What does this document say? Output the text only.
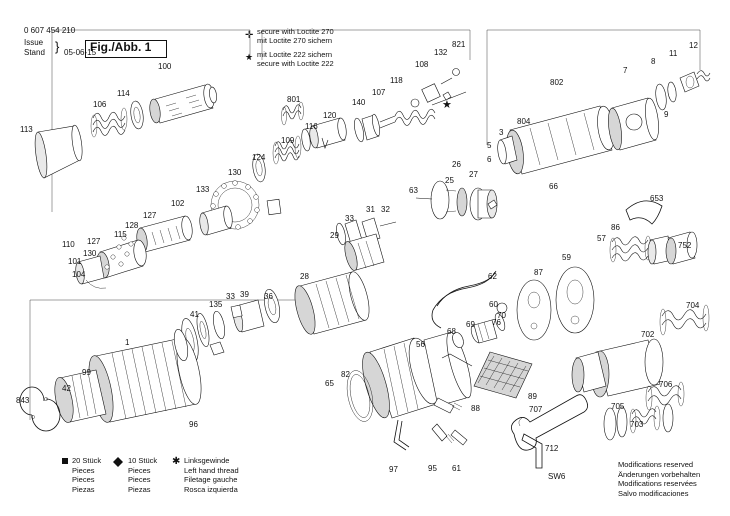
★
✛
★
0 607 454 210
Issue
Stand } 05-06-15
Fig./Abb. 1
secure with Loctite 270
mit Loctite 270 sichern
mit Loctite 222 sichern
secure with Loctite 222
✱
20 Stück
Pieces
Pieces
Piezas
10 Stück
Pieces
Pieces
Piezas
Linksgewinde
Left hand thread
Filetage gauche
Rosca izquierda
Modifications reserved
Änderungen vorbehalten
Modifications reservées
Salvo modificaciones
SW6
100
114
106
113
801
120
116
109
124
130
133
102
127
128
115
127
130
101
110
104
140
107
118
108
132
821
802
804
3
5
6
66
7
8
11
12
9
26
25
27
63
28
29
33
31 32
36
39
33
135
41
1
99
42
843
96
62	87
59
57
86
653
752
704
702
706
705
703
707
712
60
70
69 76
68
56
88
89
65
82
97	95 61
